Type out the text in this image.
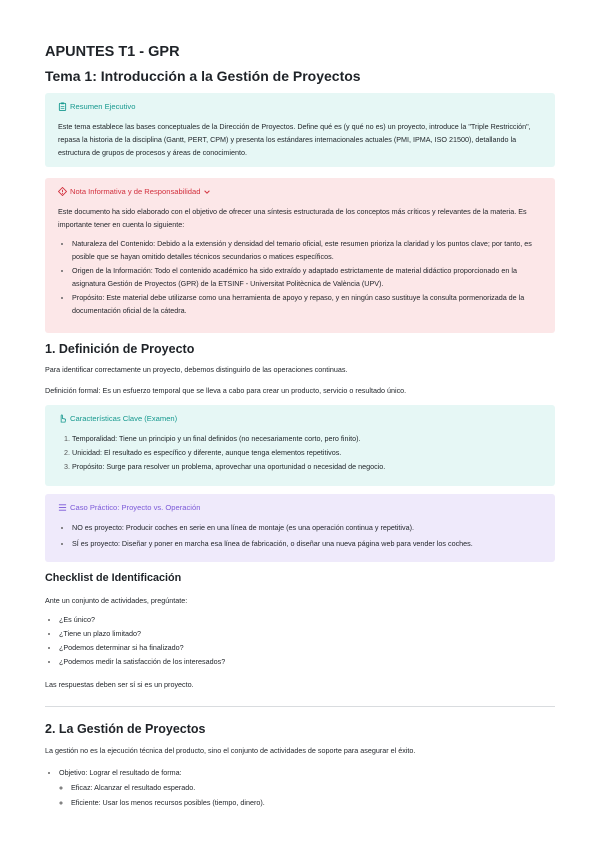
APUNTES T1 - GPR
Tema 1: Introducción a la Gestión de Proyectos
Resumen Ejecutivo

Este tema establece las bases conceptuales de la Dirección de Proyectos. Define qué es (y qué no es) un proyecto, introduce la "Triple Restricción", repasa la historia de la disciplina (Gantt, PERT, CPM) y presenta los estándares internacionales actuales (PMI, IPMA, ISO 21500), detallando la estructura de grupos de procesos y áreas de conocimiento.

Nota Informativa y de Responsabilidad

Este documento ha sido elaborado con el objetivo de ofrecer una síntesis estructurada de los conceptos más críticos y relevantes de la materia. Es importante tener en cuenta lo siguiente:

• Naturaleza del Contenido: Debido a la extensión y densidad del temario oficial, este resumen prioriza la claridad y los puntos clave; por tanto, es posible que se hayan omitido detalles técnicos secundarios o matices específicos.
• Origen de la Información: Todo el contenido académico ha sido extraído y adaptado estrictamente de material didáctico proporcionado en la asignatura Gestión de Proyectos (GPR) de la ETSINF - Universitat Politècnica de València (UPV).
• Propósito: Este material debe utilizarse como una herramienta de apoyo y repaso, y en ningún caso sustituye la consulta pormenorizada de la documentación oficial de la cátedra.
1. Definición de Proyecto

Para identificar correctamente un proyecto, debemos distinguirlo de las operaciones continuas.

Definición formal: Es un esfuerzo temporal que se lleva a cabo para crear un producto, servicio o resultado único.

Características Clave (Examen)
1. Temporalidad: Tiene un principio y un final definidos (no necesariamente corto, pero finito).
2. Unicidad: El resultado es específico y diferente, aunque tenga elementos repetitivos.
3. Propósito: Surge para resolver un problema, aprovechar una oportunidad o necesidad de negocio.
Caso Práctico: Proyecto vs. Operación
• NO es proyecto: Producir coches en serie en una línea de montaje (es una operación continua y repetitiva).
• SÍ es proyecto: Diseñar y poner en marcha esa línea de fabricación, o diseñar una nueva página web para vender los coches.
Checklist de Identificación

Ante un conjunto de actividades, pregúntate:

• ¿Es único?
• ¿Tiene un plazo limitado?
• ¿Podemos determinar si ha finalizado?
• ¿Podemos medir la satisfacción de los interesados?

Las respuestas deben ser sí si es un proyecto.

2. La Gestión de Proyectos

La gestión no es la ejecución técnica del producto, sino el conjunto de actividades de soporte para asegurar el éxito.

• Objetivo: Lograr el resultado de forma:
◦ Eficaz: Alcanzar el resultado esperado.
◦ Eficiente: Usar los menos recursos posibles (tiempo, dinero).
